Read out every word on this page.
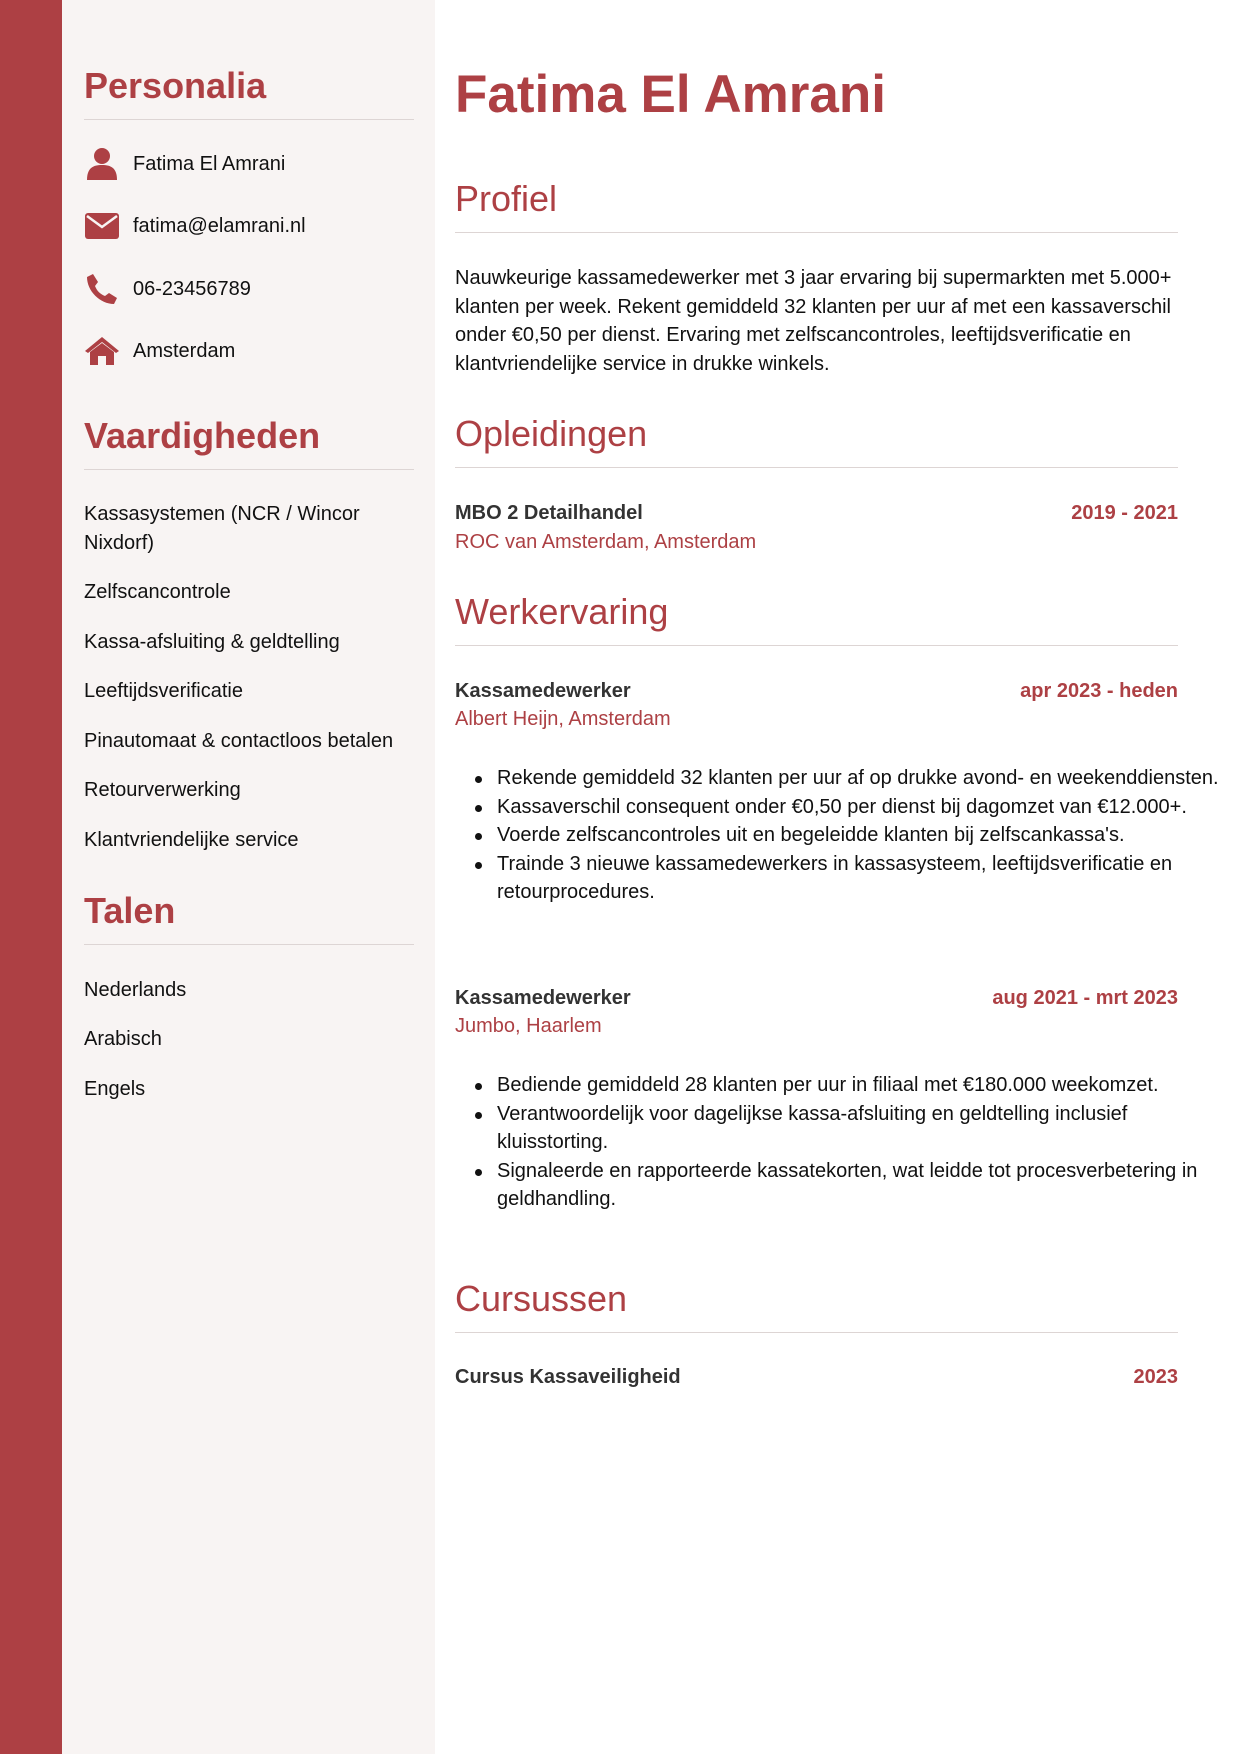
Personalia
Fatima El Amrani
fatima@elamrani.nl
06-23456789
Amsterdam
Vaardigheden
Kassasystemen (NCR / Wincor Nixdorf)
Zelfscancontrole
Kassa-afsluiting & geldtelling
Leeftijdsverificatie
Pinautomaat & contactloos betalen
Retourverwerking
Klantvriendelijke service
Talen
Nederlands
Arabisch
Engels
Fatima El Amrani
Profiel
Nauwkeurige kassamedewerker met 3 jaar ervaring bij supermarkten met 5.000+ klanten per week. Rekent gemiddeld 32 klanten per uur af met een kassaverschil onder €0,50 per dienst. Ervaring met zelfscancontroles, leeftijdsverificatie en klantvriendelijke service in drukke winkels.
Opleidingen
MBO 2 Detailhandel	2019 - 2021
ROC van Amsterdam, Amsterdam
Werkervaring
Kassamedewerker	apr 2023 - heden
Albert Heijn, Amsterdam
Rekende gemiddeld 32 klanten per uur af op drukke avond- en weekenddiensten.
Kassaverschil consequent onder €0,50 per dienst bij dagomzet van €12.000+.
Voerde zelfscancontroles uit en begeleidde klanten bij zelfscankassa's.
Trainde 3 nieuwe kassamedewerkers in kassasysteem, leeftijdsverificatie en retourprocedures.
Kassamedewerker	aug 2021 - mrt 2023
Jumbo, Haarlem
Bediende gemiddeld 28 klanten per uur in filiaal met €180.000 weekomzet.
Verantwoordelijk voor dagelijkse kassa-afsluiting en geldtelling inclusief kluisstorting.
Signaleerde en rapporteerde kassatekorten, wat leidde tot procesverbetering in geldhandling.
Cursussen
Cursus Kassaveiligheid	2023
